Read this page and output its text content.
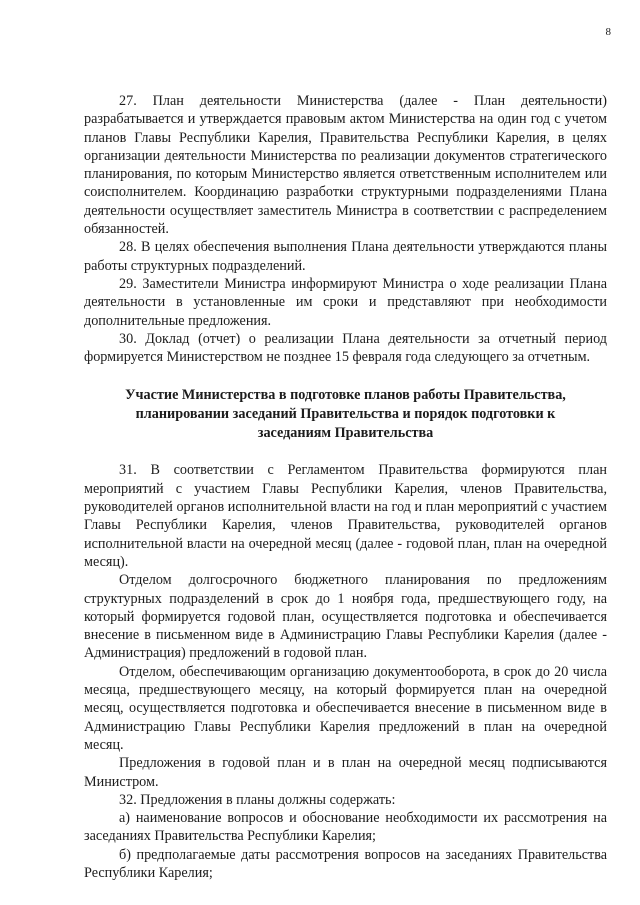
8

27. План деятельности Министерства (далее - План деятельности) разрабатывается и утверждается правовым актом Министерства на один год с учетом планов Главы Республики Карелия, Правительства Республики Карелия, в целях организации деятельности Министерства по реализации документов стратегического планирования, по которым Министерство является ответственным исполнителем или соисполнителем. Координацию разработки структурными подразделениями Плана деятельности осуществляет заместитель Министра в соответствии с распределением обязанностей.

28. В целях обеспечения выполнения Плана деятельности утверждаются планы работы структурных подразделений.

29. Заместители Министра информируют Министра о ходе реализации Плана деятельности в установленные им сроки и представляют при необходимости дополнительные предложения.

30. Доклад (отчет) о реализации Плана деятельности за отчетный период формируется Министерством не позднее 15 февраля года следующего за отчетным.

Участие Министерства в подготовке планов работы Правительства,
планировании заседаний Правительства и порядок подготовки к
заседаниям Правительства

31. В соответствии с Регламентом Правительства формируются план мероприятий с участием Главы Республики Карелия, членов Правительства, руководителей органов исполнительной власти на год и план мероприятий с участием Главы Республики Карелия, членов Правительства, руководителей органов исполнительной власти на очередной месяц (далее - годовой план, план на очередной месяц).

Отделом долгосрочного бюджетного планирования по предложениям структурных подразделений в срок до 1 ноября года, предшествующего году, на который формируется годовой план, осуществляется подготовка и обеспечивается внесение в письменном виде в Администрацию Главы Республики Карелия (далее - Администрация) предложений в годовой план.

Отделом, обеспечивающим организацию документооборота, в срок до 20 числа месяца, предшествующего месяцу, на который формируется план на очередной месяц, осуществляется подготовка и обеспечивается внесение в письменном виде в Администрацию Главы Республики Карелия предложений в план на очередной месяц.

Предложения в годовой план и в план на очередной месяц подписываются Министром.

32. Предложения в планы должны содержать:

а) наименование вопросов и обоснование необходимости их рассмотрения на заседаниях Правительства Республики Карелия;

б) предполагаемые даты рассмотрения вопросов на заседаниях Правительства Республики Карелия;
